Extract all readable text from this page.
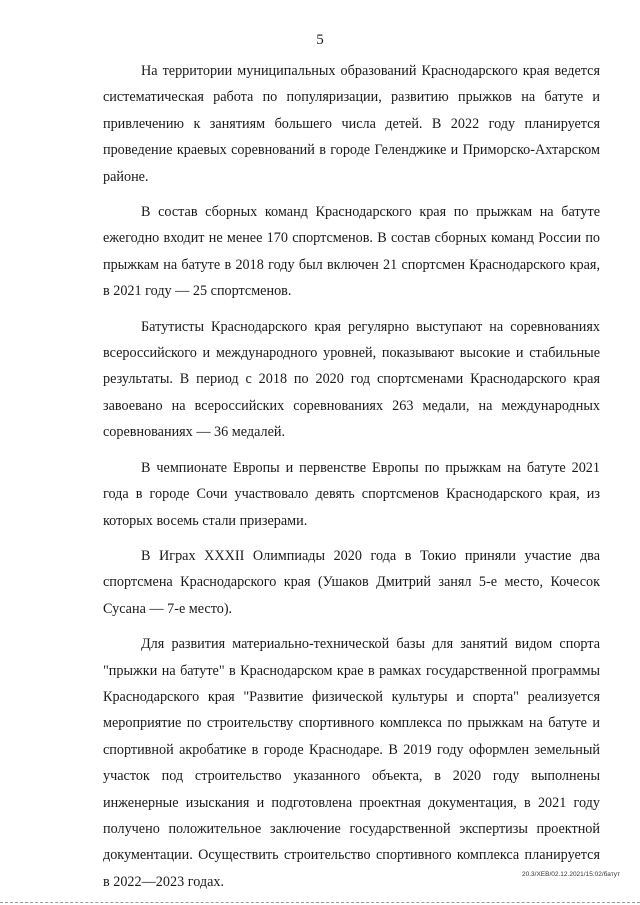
5

На территории муниципальных образований Краснодарского края ведется систематическая работа по популяризации, развитию прыжков на батуте и привлечению к занятиям большего числа детей. В 2022 году планируется проведение краевых соревнований в городе Геленджике и Приморско-Ахтарском районе.

В состав сборных команд Краснодарского края по прыжкам на батуте ежегодно входит не менее 170 спортсменов. В состав сборных команд России по прыжкам на батуте в 2018 году был включен 21 спортсмен Краснодарского края, в 2021 году — 25 спортсменов.

Батутисты Краснодарского края регулярно выступают на соревнованиях всероссийского и международного уровней, показывают высокие и стабильные результаты. В период с 2018 по 2020 год спортсменами Краснодарского края завоевано на всероссийских соревнованиях 263 медали, на международных соревнованиях — 36 медалей.

В чемпионате Европы и первенстве Европы по прыжкам на батуте 2021 года в городе Сочи участвовало девять спортсменов Краснодарского края, из которых восемь стали призерами.

В Играх XXXII Олимпиады 2020 года в Токио приняли участие два спортсмена Краснодарского края (Ушаков Дмитрий занял 5-е место, Кочесок Сусана — 7-е место).

Для развития материально-технической базы для занятий видом спорта "прыжки на батуте" в Краснодарском крае в рамках государственной программы Краснодарского края "Развитие физической культуры и спорта" реализуется мероприятие по строительству спортивного комплекса по прыжкам на батуте и спортивной акробатике в городе Краснодаре. В 2019 году оформлен земельный участок под строительство указанного объекта, в 2020 году выполнены инженерные изыскания и подготовлена проектная документация, в 2021 году получено положительное заключение государственной экспертизы проектной документации. Осуществить строительство спортивного комплекса планируется в 2022—2023 годах.	20.3/ХЕВ/02.12.2021/15:02/батут
